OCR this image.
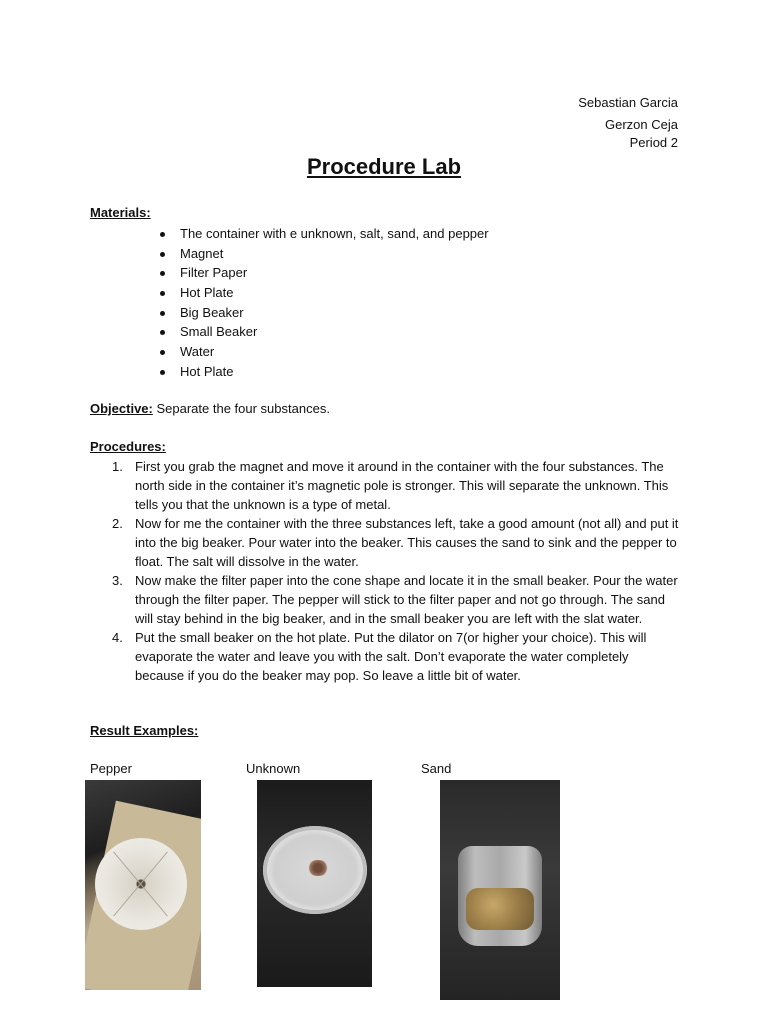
Sebastian Garcia
Gerzon Ceja
Period 2
Procedure Lab
Materials:
The container with e unknown, salt, sand, and pepper
Magnet
Filter Paper
Hot Plate
Big Beaker
Small Beaker
Water
Hot Plate
Objective: Separate the four substances.
Procedures:
1. First you grab the magnet and move it around in the container with the four substances. The north side in the container it’s magnetic pole is stronger. This will separate the unknown. This tells you that the unknown is a type of metal.
2. Now for me the container with the three substances left, take a good amount (not all) and put it into the big beaker. Pour water into the beaker. This causes the sand to sink and the pepper to float. The salt will dissolve in the water.
3. Now make the filter paper into the cone shape and locate it in the small beaker. Pour the water through the filter paper. The pepper will stick to the filter paper and not go through. The sand will stay behind in the big beaker, and in the small beaker you are left with the slat water.
4. Put the small beaker on the hot plate. Put the dilator on 7(or higher your choice). This will evaporate the water and leave you with the salt. Don’t evaporate the water completely because if you do the beaker may pop. So leave a little bit of water.
Result Examples:
Pepper	Unknown	Sand
